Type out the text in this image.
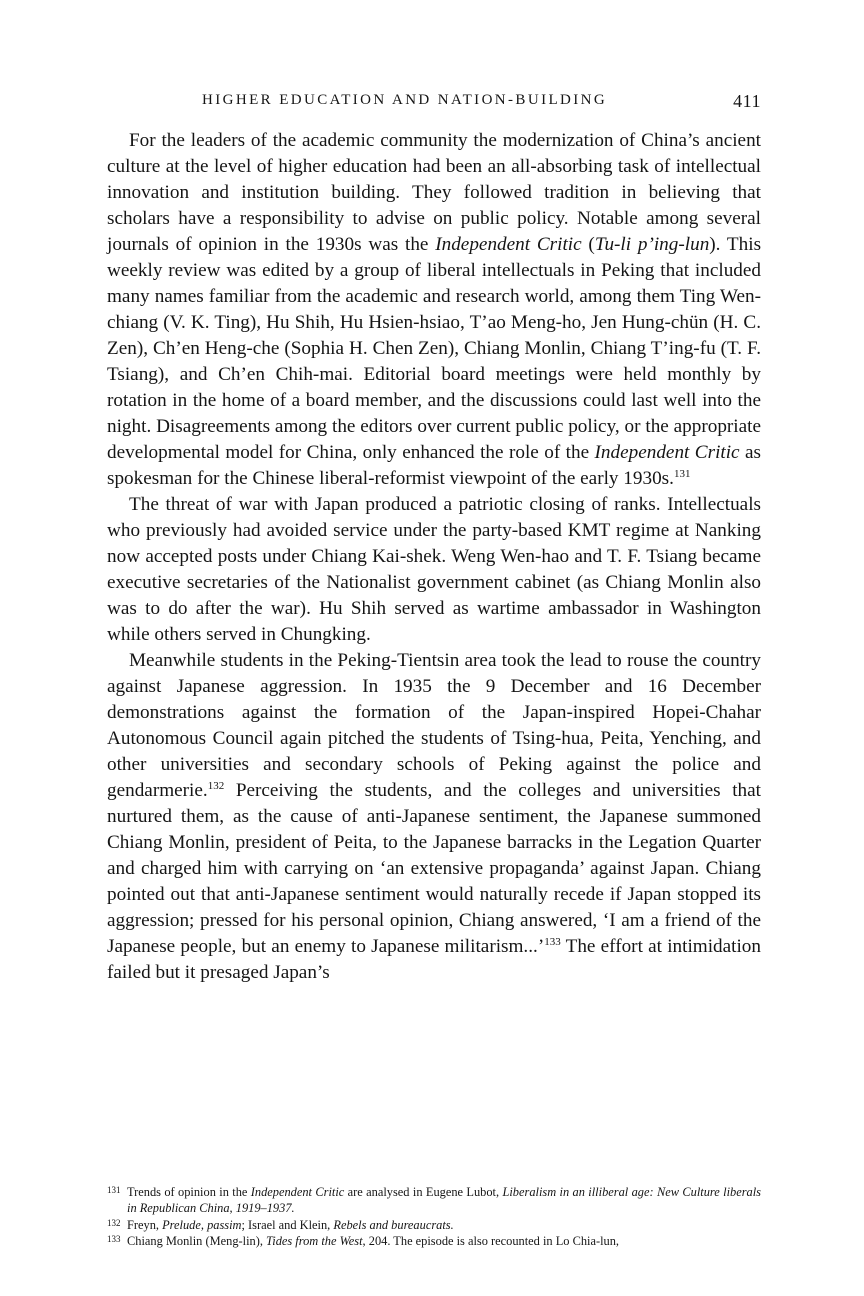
HIGHER EDUCATION AND NATION-BUILDING	411

For the leaders of the academic community the modernization of China’s ancient culture at the level of higher education had been an all-absorbing task of intellectual innovation and institution building. They followed tradition in believing that scholars have a responsibility to advise on public policy. Notable among several journals of opinion in the 1930s was the Independent Critic (Tu-li p’ing-lun). This weekly review was edited by a group of liberal intellectuals in Peking that included many names familiar from the academic and research world, among them Ting Wen-chiang (V. K. Ting), Hu Shih, Hu Hsien-hsiao, T’ao Meng-ho, Jen Hung-chün (H. C. Zen), Ch’en Heng-che (Sophia H. Chen Zen), Chiang Monlin, Chiang T’ing-fu (T. F. Tsiang), and Ch’en Chih-mai. Editorial board meetings were held monthly by rotation in the home of a board member, and the discussions could last well into the night. Disagreements among the editors over current public policy, or the appropriate developmental model for China, only enhanced the role of the Independent Critic as spokesman for the Chinese liberal-reformist viewpoint of the early 1930s.$^{131}$

The threat of war with Japan produced a patriotic closing of ranks. Intellectuals who previously had avoided service under the party-based KMT regime at Nanking now accepted posts under Chiang Kai-shek. Weng Wen-hao and T. F. Tsiang became executive secretaries of the Nationalist government cabinet (as Chiang Monlin also was to do after the war). Hu Shih served as wartime ambassador in Washington while others served in Chungking.

Meanwhile students in the Peking-Tientsin area took the lead to rouse the country against Japanese aggression. In 1935 the 9 December and 16 December demonstrations against the formation of the Japan-inspired Hopei-Chahar Autonomous Council again pitched the students of Tsing-hua, Peita, Yenching, and other universities and secondary schools of Peking against the police and gendarmerie.$^{132}$ Perceiving the students, and the colleges and universities that nurtured them, as the cause of anti-Japanese sentiment, the Japanese summoned Chiang Monlin, president of Peita, to the Japanese barracks in the Legation Quarter and charged him with carrying on ‘an extensive propaganda’ against Japan. Chiang pointed out that anti-Japanese sentiment would naturally recede if Japan stopped its aggression; pressed for his personal opinion, Chiang answered, ‘I am a friend of the Japanese people, but an enemy to Japanese militarism...’$^{133}$ The effort at intimidation failed but it presaged Japan’s

131 Trends of opinion in the Independent Critic are analysed in Eugene Lubot, Liberalism in an illiberal age: New Culture liberals in Republican China, 1919–1937.
132 Freyn, Prelude, passim; Israel and Klein, Rebels and bureaucrats.
133 Chiang Monlin (Meng-lin), Tides from the West, 204. The episode is also recounted in Lo Chia-lun,
